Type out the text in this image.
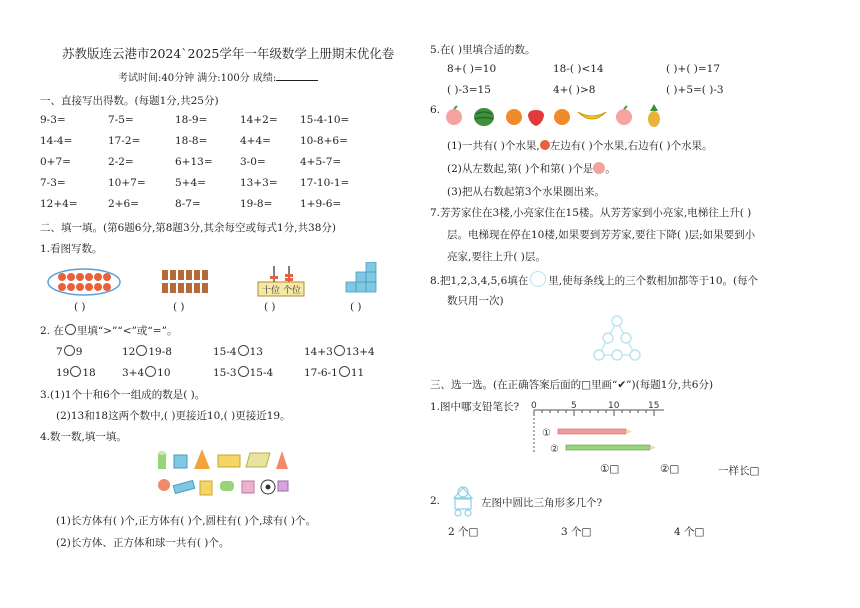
苏教版连云港市2024`2025学年一年级数学上册期末优化卷
考试时间:40分钟 满分:100分 成绩:
一、直接写出得数。(每题1分,共25分)
9-3=	7-5=	18-9=	14+2= 15-4-10=
14-4=	17-2=	18-8=	4+4=	10-8+6=
0+7=	2-2=	6+13=	3-0=	4+5-7=
7-3=	10+7=	5+4=	13+3= 17-10-1=
12+4=	2+6=	8-7=	19-8=	1+9-6=
二、填一填。(第6题6分,第8题3分,其余每空或每式1分,共38分)
1.看图写数。
十位 个位
( )	( )	( )	( )
2. 在 里填“>”“<”或“=”。
7 9	12 19-8	15-4 13	14+3 13+4
19 18	3+4 10	15-3 15-4	17-6-1 11
3.(1)1个十和6个一组成的数是( )。
(2)13和18这两个数中,( )更接近10,( )更接近19。
4.数一数,填一填。
(1)长方体有( )个,正方体有( )个,圆柱有( )个,球有( )个。
(2)长方体、正方体和球一共有( )个。
5.在( )里填合适的数。
8+( )=10	18-( )<14	( )+( )=17
( )-3=15	4+( )>8	( )+5=( )-3
6.
(1)一共有( )个水果, 左边有( )个水果,右边有( )个水果。
(2)从左数起,第( )个和第( )个是 。
(3)把从右数起第3个水果圈出来。
7.芳芳家住在3楼,小亮家住在15楼。从芳芳家到小亮家,电梯往上升( )
层。电梯现在停在10楼,如果要到芳芳家,要往下降( )层;如果要到小
亮家,要往上升( )层。
8.把1,2,3,4,5,6填在 里,使每条线上的三个数相加都等于10。(每个
数只用一次)
三、选一选。(在正确答案后面的□里画“✔”)(每题1分,共6分)
1.图中哪支铅笔长? 0	5	10	15
①
②
①□	②□	一样长□
2.	左图中圆比三角形多几个?
2 个□	3 个□	4 个□
